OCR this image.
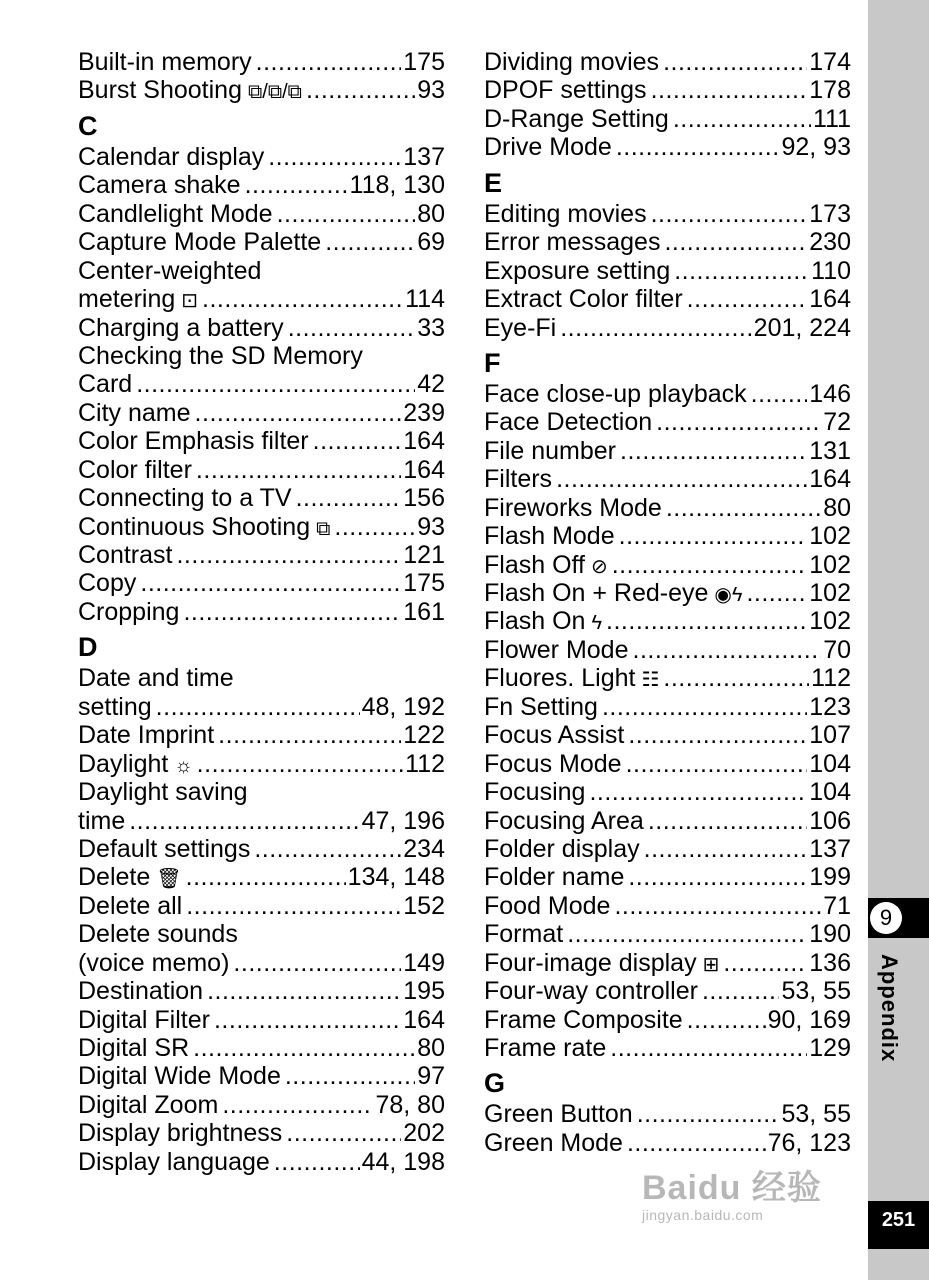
Built-in memory .....	175
Burst Shooting ⧉/⧉/⧉ .....	93
C
Calendar display .....	137
Camera shake .....	118, 130
Candlelight Mode .....	80
Capture Mode Palette .....	69
Center-weighted
metering ⊡ .....	114
Charging a battery .....	33
Checking the SD Memory
Card .....	42
City name .....	239
Color Emphasis filter .....	164
Color filter .....	164
Connecting to a TV .....	156
Continuous Shooting ⧉ .....	93
Contrast .....	121
Copy .....	175
Cropping .....	161
D
Date and time
setting .....	48, 192
Date Imprint .....	122
Daylight ☼ .....	112
Daylight saving
time .....	47, 196
Default settings .....	234
Delete 🗑 .....	134, 148
Delete all .....	152
Delete sounds
(voice memo) .....	149
Destination .....	195
Digital Filter .....	164
Digital SR .....	80
Digital Wide Mode .....	97
Digital Zoom .....	78, 80
Display brightness .....	202
Display language .....	44, 198
Dividing movies .....	174
DPOF settings .....	178
D-Range Setting .....	111
Drive Mode .....	92, 93
E
Editing movies .....	173
Error messages .....	230
Exposure setting .....	110
Extract Color filter .....	164
Eye-Fi .....	201, 224
F
Face close-up playback .....	146
Face Detection .....	72
File number .....	131
Filters .....	164
Fireworks Mode .....	80
Flash Mode .....	102
Flash Off ⊘ .....	102
Flash On + Red-eye ◉ϟ .....	102
Flash On ϟ .....	102
Flower Mode .....	70
Fluores. Light ☷ .....	112
Fn Setting .....	123
Focus Assist .....	107
Focus Mode .....	104
Focusing .....	104
Focusing Area .....	106
Folder display .....	137
Folder name .....	199
Food Mode .....	71
Format .....	190
Four-image display ⊞ .....	136
Four-way controller .....	53, 55
Frame Composite .....	90, 169
Frame rate .....	129
G
Green Button .....	53, 55
Green Mode .....	76, 123
9
Appendix
251
Baidu 经验
jingyan.baidu.com
